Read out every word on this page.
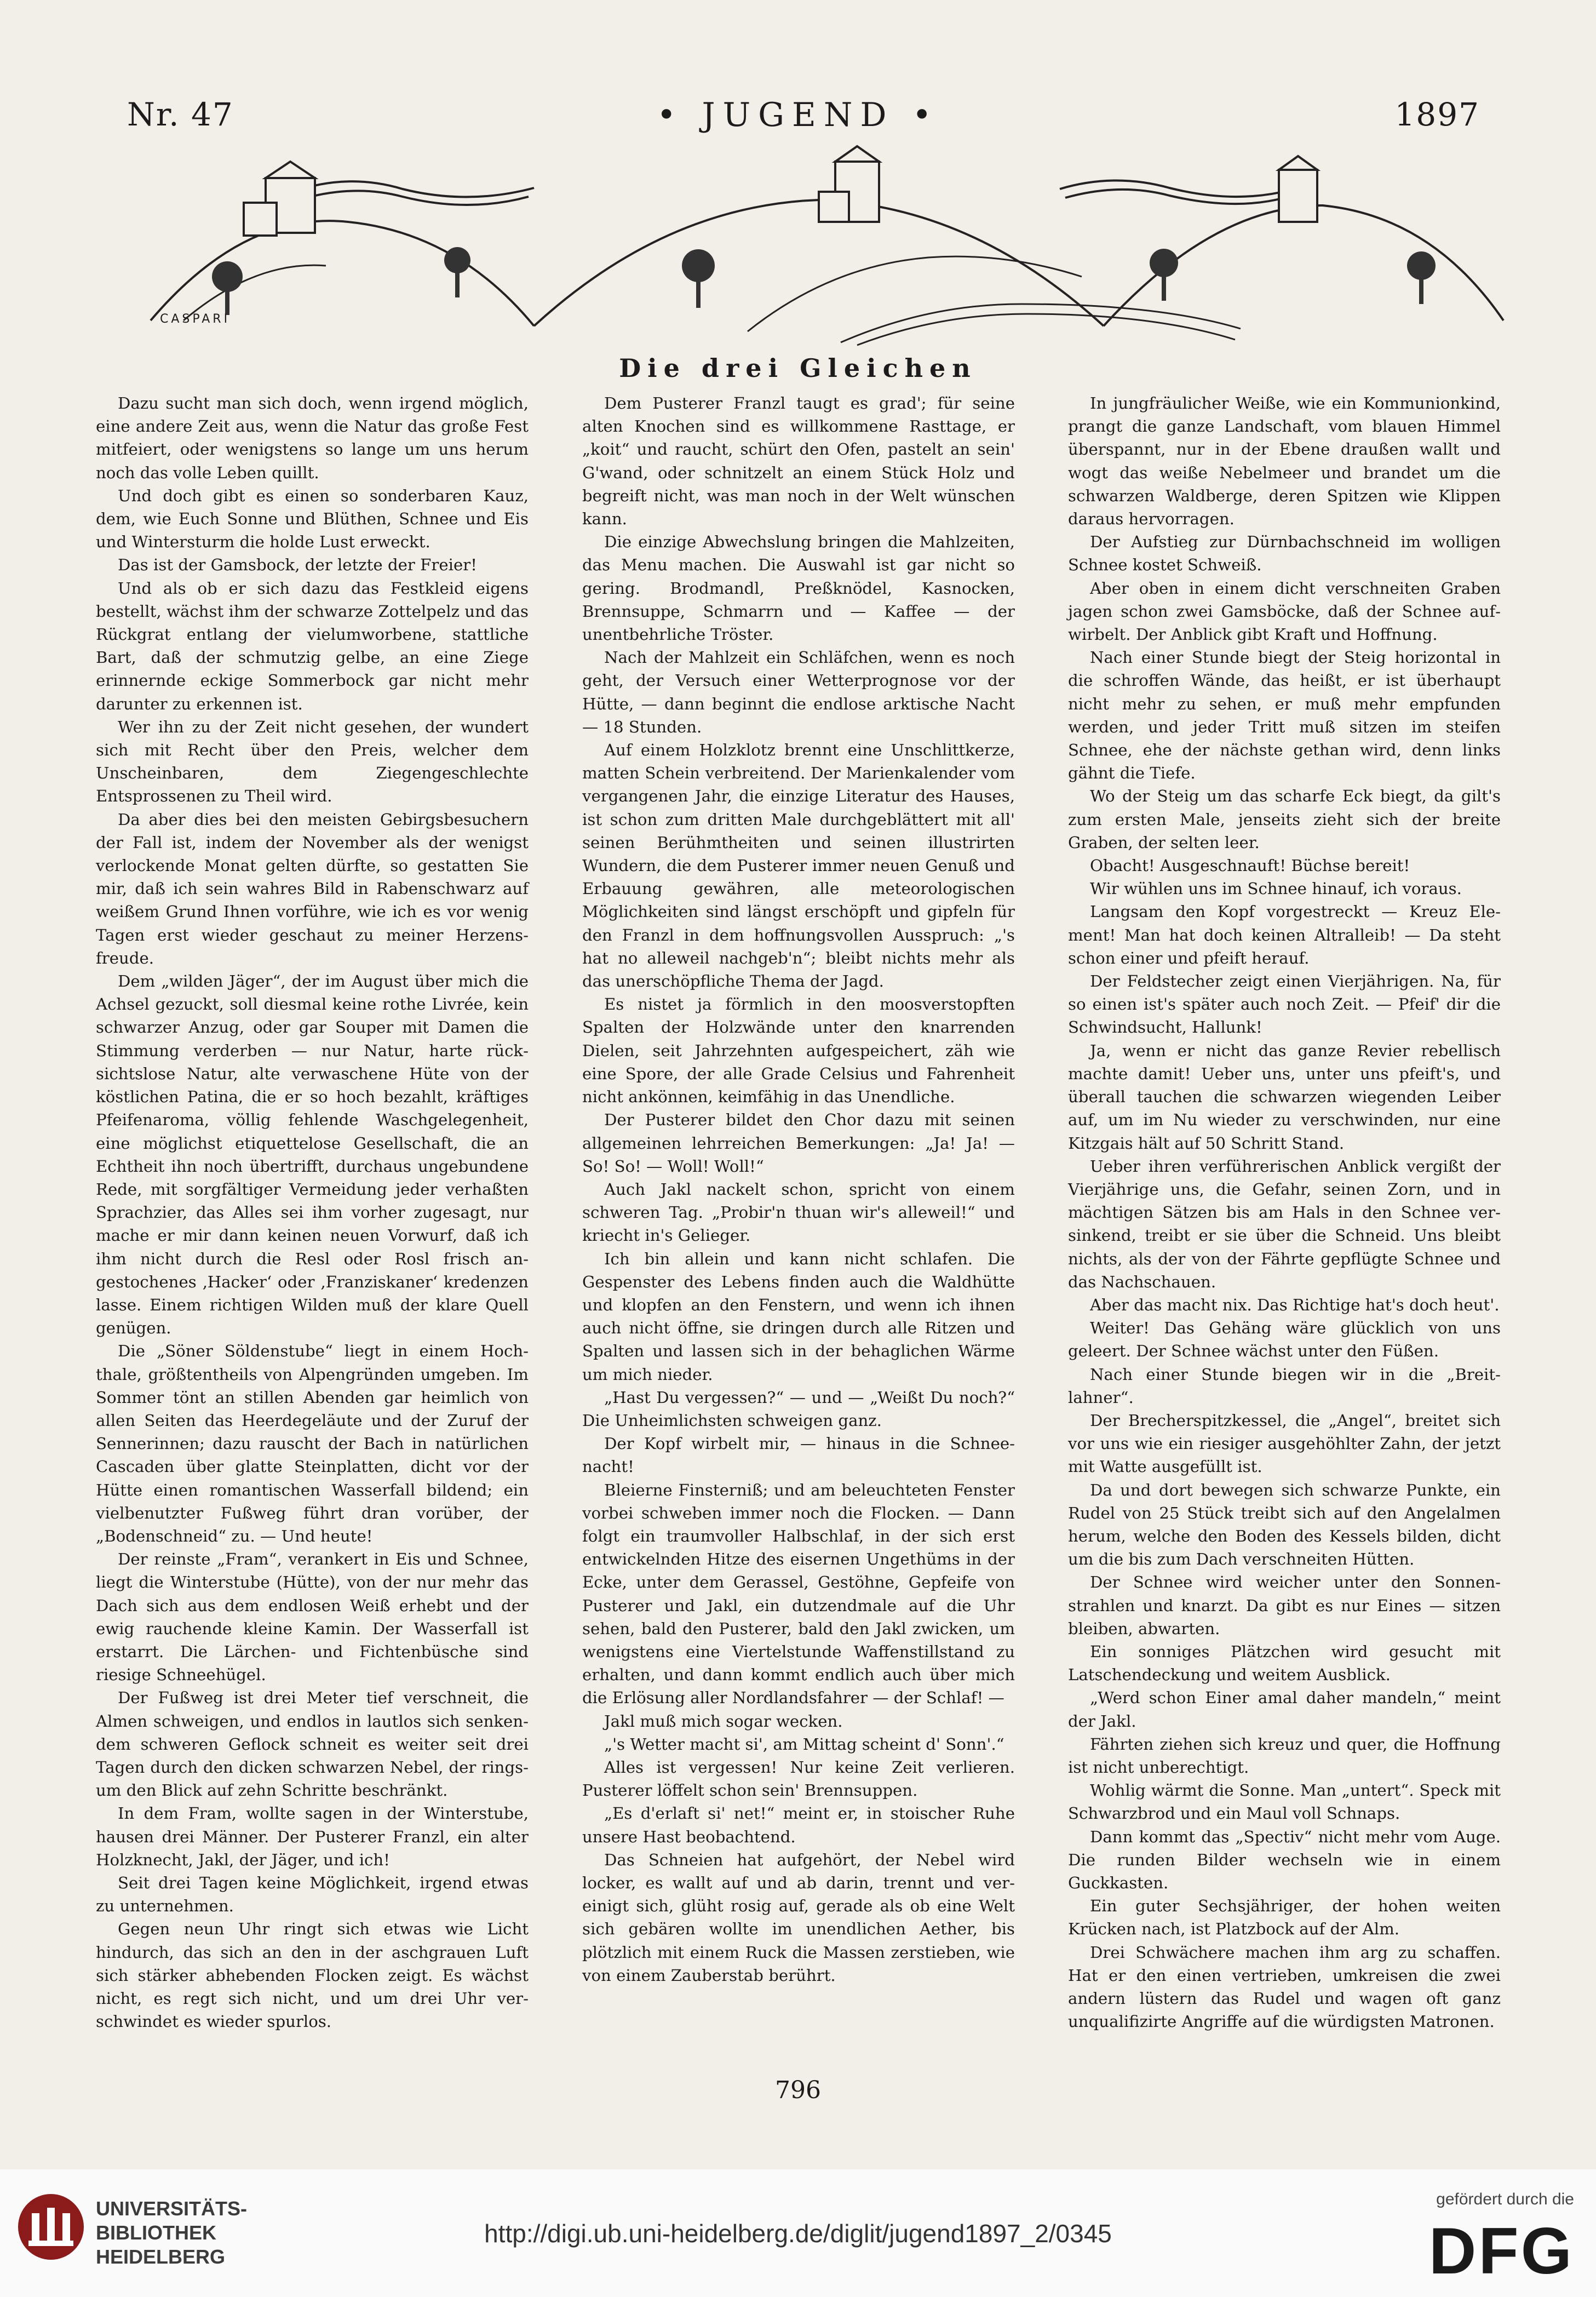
Nr. 47	• JUGEND •	1897
CASPARI
Die drei Gleichen

Dazu sucht man sich doch, wenn irgend möglich, eine andere Zeit aus, wenn die Natur das große Fest mitfeiert, oder wenigstens so lange um uns herum noch das volle Leben quillt.

Und doch gibt es einen so sonderbaren Kauz, dem, wie Euch Sonne und Blüthen, Schnee und Eis und Wintersturm die holde Lust erweckt.

Das ist der Gamsbock, der letzte der Freier!

Und als ob er sich dazu das Festkleid eigens bestellt, wächst ihm der schwarze Zottelpelz und das Rückgrat entlang der vielumworbene, stattliche Bart, daß der schmutzig gelbe, an eine Ziege erinnernde eckige Sommerbock gar nicht mehr darunter zu erkennen ist.

Wer ihn zu der Zeit nicht gesehen, der wundert sich mit Recht über den Preis, welcher dem Unscheinbaren, dem Ziegengeschlechte Entsprossenen zu Theil wird.

Da aber dies bei den meisten Gebirgsbesuchern der Fall ist, indem der November als der wenigst verlockende Monat gelten dürfte, so gestatten Sie mir, daß ich sein wahres Bild in Rabenschwarz auf weißem Grund Ihnen vorführe, wie ich es vor wenig Tagen erst wieder geschaut zu meiner Herzensfreude.

Dem „wilden Jäger“, der im August über mich die Achsel gezuckt, soll diesmal keine rothe Livrée, kein schwarzer Anzug, oder gar Souper mit Damen die Stimmung verderben — nur Natur, harte rücksichtslose Natur, alte verwaschene Hüte von der köstlichen Patina, die er so hoch bezahlt, kräftiges Pfeifenaroma, völlig fehlende Waschgelegenheit, eine möglichst etiquettelose Gesellschaft, die an Echtheit ihn noch übertrifft, durchaus ungebundene Rede, mit sorgfältiger Vermeidung jeder verhaßten Sprachzier, das Alles sei ihm vorher zugesagt, nur mache er mir dann keinen neuen Vorwurf, daß ich ihm nicht durch die Resl oder Rosl frisch angestochenes ‚Hacker‘ oder ‚Franziskaner‘ kredenzen lasse. Einem richtigen Wilden muß der klare Quell genügen.

Die „Söner Söldenstube“ liegt in einem Hochthale, größtentheils von Alpengründen umgeben. Im Sommer tönt an stillen Abenden gar heimlich von allen Seiten das Heerdegeläute und der Zuruf der Sennerinnen; dazu rauscht der Bach in natürlichen Cascaden über glatte Steinplatten, dicht vor der Hütte einen romantischen Wasserfall bildend; ein vielbenutzter Fußweg führt dran vorüber, der „Bodenschneid“ zu. — Und heute!

Der reinste „Fram“, verankert in Eis und Schnee, liegt die Winterstube (Hütte), von der nur mehr das Dach sich aus dem endlosen Weiß erhebt und der ewig rauchende kleine Kamin. Der Wasserfall ist erstarrt. Die Lärchen- und Fichtenbüsche sind riesige Schneehügel.

Der Fußweg ist drei Meter tief verschneit, die Almen schweigen, und endlos in lautlos sich senkendem schweren Geflock schneit es weiter seit drei Tagen durch den dicken schwarzen Nebel, der ringsum den Blick auf zehn Schritte beschränkt.

In dem Fram, wollte sagen in der Winterstube, hausen drei Männer. Der Pusterer Franzl, ein alter Holzknecht, Jakl, der Jäger, und ich!

Seit drei Tagen keine Möglichkeit, irgend etwas zu unternehmen.

Gegen neun Uhr ringt sich etwas wie Licht hindurch, das sich an den in der aschgrauen Luft sich stärker abhebenden Flocken zeigt. Es wächst nicht, es regt sich nicht, und um drei Uhr verschwindet es wieder spurlos.

Dem Pusterer Franzl taugt es grad'; für seine alten Knochen sind es willkommene Rasttage, er „koit“ und raucht, schürt den Ofen, pastelt an sein' G'wand, oder schnitzelt an einem Stück Holz und begreift nicht, was man noch in der Welt wünschen kann.

Die einzige Abwechslung bringen die Mahlzeiten, das Menu machen. Die Auswahl ist gar nicht so gering. Brodmandl, Preßknödel, Kasnocken, Brennsuppe, Schmarrn und — Kaffee — der unentbehrliche Tröster.

Nach der Mahlzeit ein Schläfchen, wenn es noch geht, der Versuch einer Wetterprognose vor der Hütte, — dann beginnt die endlose arktische Nacht — 18 Stunden.

Auf einem Holzklotz brennt eine Unschlittkerze, matten Schein verbreitend. Der Marienkalender vom vergangenen Jahr, die einzige Literatur des Hauses, ist schon zum dritten Male durchgeblättert mit all' seinen Berühmtheiten und seinen illustrirten Wundern, die dem Pusterer immer neuen Genuß und Erbauung gewähren, alle meteorologischen Möglichkeiten sind längst erschöpft und gipfeln für den Franzl in dem hoffnungsvollen Ausspruch: „'s hat no alleweil nachgeb'n“; bleibt nichts mehr als das unerschöpfliche Thema der Jagd.

Es nistet ja förmlich in den moosverstopften Spalten der Holzwände unter den knarrenden Dielen, seit Jahrzehnten aufgespeichert, zäh wie eine Spore, der alle Grade Celsius und Fahrenheit nicht ankönnen, keimfähig in das Unendliche.

Der Pusterer bildet den Chor dazu mit seinen allgemeinen lehrreichen Bemerkungen: „Ja! Ja! — So! So! — Woll! Woll!“

Auch Jakl nackelt schon, spricht von einem schweren Tag. „Probir'n thuan wir's alleweil!“ und kriecht in's Gelieger.

Ich bin allein und kann nicht schlafen. Die Gespenster des Lebens finden auch die Waldhütte und klopfen an den Fenstern, und wenn ich ihnen auch nicht öffne, sie dringen durch alle Ritzen und Spalten und lassen sich in der behaglichen Wärme um mich nieder.

„Hast Du vergessen?“ — und — „Weißt Du noch?“ Die Unheimlichsten schweigen ganz.

Der Kopf wirbelt mir, — hinaus in die Schneenacht!

Bleierne Finsterniß; und am beleuchteten Fenster vorbei schweben immer noch die Flocken. — Dann folgt ein traumvoller Halbschlaf, in der sich erst entwickelnden Hitze des eisernen Ungethüms in der Ecke, unter dem Gerassel, Gestöhne, Gepfeife von Pusterer und Jakl, ein dutzendmale auf die Uhr sehen, bald den Pusterer, bald den Jakl zwicken, um wenigstens eine Viertelstunde Waffenstillstand zu erhalten, und dann kommt endlich auch über mich die Erlösung aller Nordlandsfahrer — der Schlaf! —

Jakl muß mich sogar wecken.

„'s Wetter macht si', am Mittag scheint d' Sonn'.“

Alles ist vergessen! Nur keine Zeit verlieren. Pusterer löffelt schon sein' Brennsuppen.

„Es d'erlaft si' net!“ meint er, in stoischer Ruhe unsere Hast beobachtend.

Das Schneien hat aufgehört, der Nebel wird locker, es wallt auf und ab darin, trennt und vereinigt sich, glüht rosig auf, gerade als ob eine Welt sich gebären wollte im unendlichen Aether, bis plötzlich mit einem Ruck die Massen zerstieben, wie von einem Zauberstab berührt.

In jungfräulicher Weiße, wie ein Kommunionkind, prangt die ganze Landschaft, vom blauen Himmel überspannt, nur in der Ebene draußen wallt und wogt das weiße Nebelmeer und brandet um die schwarzen Waldberge, deren Spitzen wie Klippen daraus hervorragen.

Der Aufstieg zur Dürnbachschneid im wolligen Schnee kostet Schweiß.

Aber oben in einem dicht verschneiten Graben jagen schon zwei Gamsböcke, daß der Schnee aufwirbelt. Der Anblick gibt Kraft und Hoffnung.

Nach einer Stunde biegt der Steig horizontal in die schroffen Wände, das heißt, er ist überhaupt nicht mehr zu sehen, er muß mehr empfunden werden, und jeder Tritt muß sitzen im steifen Schnee, ehe der nächste gethan wird, denn links gähnt die Tiefe.

Wo der Steig um das scharfe Eck biegt, da gilt's zum ersten Male, jenseits zieht sich der breite Graben, der selten leer.

Obacht! Ausgeschnauft! Büchse bereit!

Wir wühlen uns im Schnee hinauf, ich voraus.

Langsam den Kopf vorgestreckt — Kreuz Element! Man hat doch keinen Altralleib! — Da steht schon einer und pfeift herauf.

Der Feldstecher zeigt einen Vierjährigen. Na, für so einen ist's später auch noch Zeit. — Pfeif' dir die Schwindsucht, Hallunk!

Ja, wenn er nicht das ganze Revier rebellisch machte damit! Ueber uns, unter uns pfeift's, und überall tauchen die schwarzen wiegenden Leiber auf, um im Nu wieder zu verschwinden, nur eine Kitzgais hält auf 50 Schritt Stand.

Ueber ihren verführerischen Anblick vergißt der Vierjährige uns, die Gefahr, seinen Zorn, und in mächtigen Sätzen bis am Hals in den Schnee versinkend, treibt er sie über die Schneid. Uns bleibt nichts, als der von der Fährte gepflügte Schnee und das Nachschauen.

Aber das macht nix. Das Richtige hat's doch heut'.

Weiter! Das Gehäng wäre glücklich von uns geleert. Der Schnee wächst unter den Füßen.

Nach einer Stunde biegen wir in die „Breitlahner“.

Der Brecherspitzkessel, die „Angel“, breitet sich vor uns wie ein riesiger ausgehöhlter Zahn, der jetzt mit Watte ausgefüllt ist.

Da und dort bewegen sich schwarze Punkte, ein Rudel von 25 Stück treibt sich auf den Angelalmen herum, welche den Boden des Kessels bilden, dicht um die bis zum Dach verschneiten Hütten.

Der Schnee wird weicher unter den Sonnenstrahlen und knarzt. Da gibt es nur Eines — sitzen bleiben, abwarten.

Ein sonniges Plätzchen wird gesucht mit Latschendeckung und weitem Ausblick.

„Werd schon Einer amal daher mandeln,“ meint der Jakl.

Fährten ziehen sich kreuz und quer, die Hoffnung ist nicht unberechtigt.

Wohlig wärmt die Sonne. Man „untert“. Speck mit Schwarzbrod und ein Maul voll Schnaps.

Dann kommt das „Spectiv“ nicht mehr vom Auge. Die runden Bilder wechseln wie in einem Guckkasten.

Ein guter Sechsjähriger, der hohen weiten Krücken nach, ist Platzbock auf der Alm.

Drei Schwächere machen ihm arg zu schaffen. Hat er den einen vertrieben, umkreisen die zwei andern lüstern das Rudel und wagen oft ganz unqualifizirte Angriffe auf die würdigsten Matronen.

796
UNIVERSITÄTS-
BIBLIOTHEK
HEIDELBERG
http://digi.ub.uni-heidelberg.de/diglit/jugend1897_2/0345
gefördert durch die
DFG
